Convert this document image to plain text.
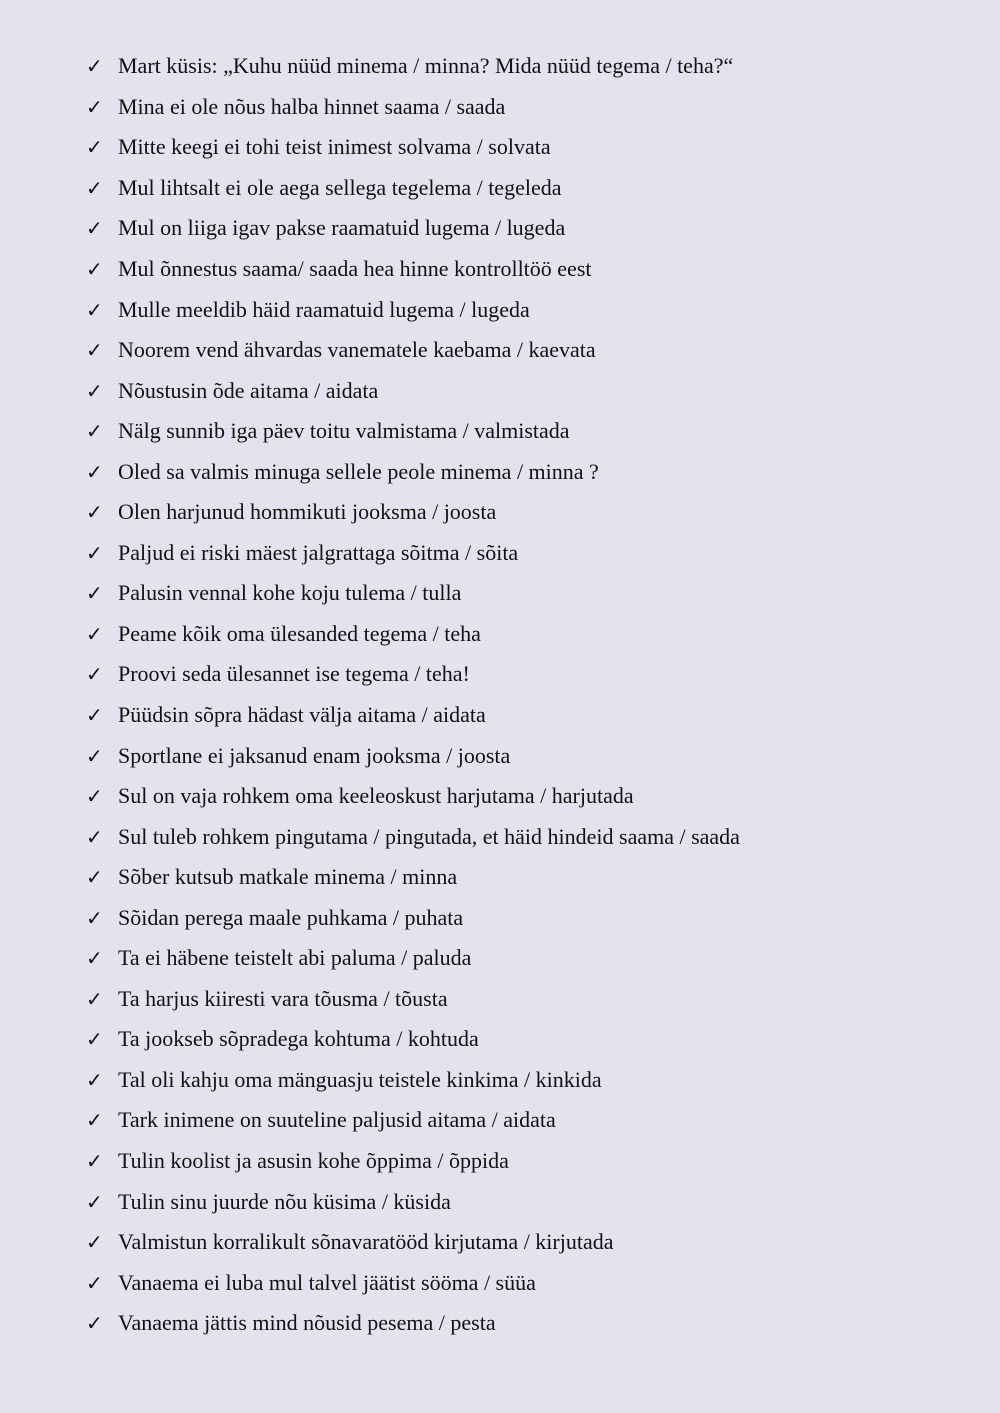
✓ Mart küsis: „Kuhu nüüd minema / minna? Mida nüüd tegema / teha?“
✓ Mina ei ole nõus halba hinnet saama / saada
✓ Mitte keegi ei tohi teist inimest solvama / solvata
✓ Mul lihtsalt ei ole aega sellega tegelema / tegeleda
✓ Mul on liiga igav pakse raamatuid lugema / lugeda
✓ Mul õnnestus saama/ saada hea hinne kontrolltöö eest
✓ Mulle meeldib häid raamatuid lugema / lugeda
✓ Noorem vend ähvardas vanematele kaebama / kaevata
✓ Nõustusin õde aitama / aidata
✓ Nälg sunnib iga päev toitu valmistama / valmistada
✓ Oled sa valmis minuga sellele peole minema / minna ?
✓ Olen harjunud hommikuti jooksma / joosta
✓ Paljud ei riski mäest jalgrattaga sõitma / sõita
✓ Palusin vennal kohe koju tulema / tulla
✓ Peame kõik oma ülesanded tegema / teha
✓ Proovi seda ülesannet ise tegema / teha!
✓ Püüdsin sõpra hädast välja aitama / aidata
✓ Sportlane ei jaksanud enam jooksma / joosta
✓ Sul on vaja rohkem oma keeleoskust harjutama / harjutada
✓ Sul tuleb rohkem pingutama / pingutada, et häid hindeid saama / saada
✓ Sõber kutsub matkale minema / minna
✓ Sõidan perega maale puhkama / puhata
✓ Ta ei häbene teistelt abi paluma / paluda
✓ Ta harjus kiiresti vara tõusma / tõusta
✓ Ta jookseb sõpradega kohtuma / kohtuda
✓ Tal oli kahju oma mänguasju teistele kinkima / kinkida
✓ Tark inimene on suuteline paljusid aitama / aidata
✓ Tulin koolist ja asusin kohe õppima / õppida
✓ Tulin sinu juurde nõu küsima / küsida
✓ Valmistun korralikult sõnavaratööd kirjutama / kirjutada
✓ Vanaema ei luba mul talvel jäätist sööma / süüa
✓ Vanaema jättis mind nõusid pesema / pesta
